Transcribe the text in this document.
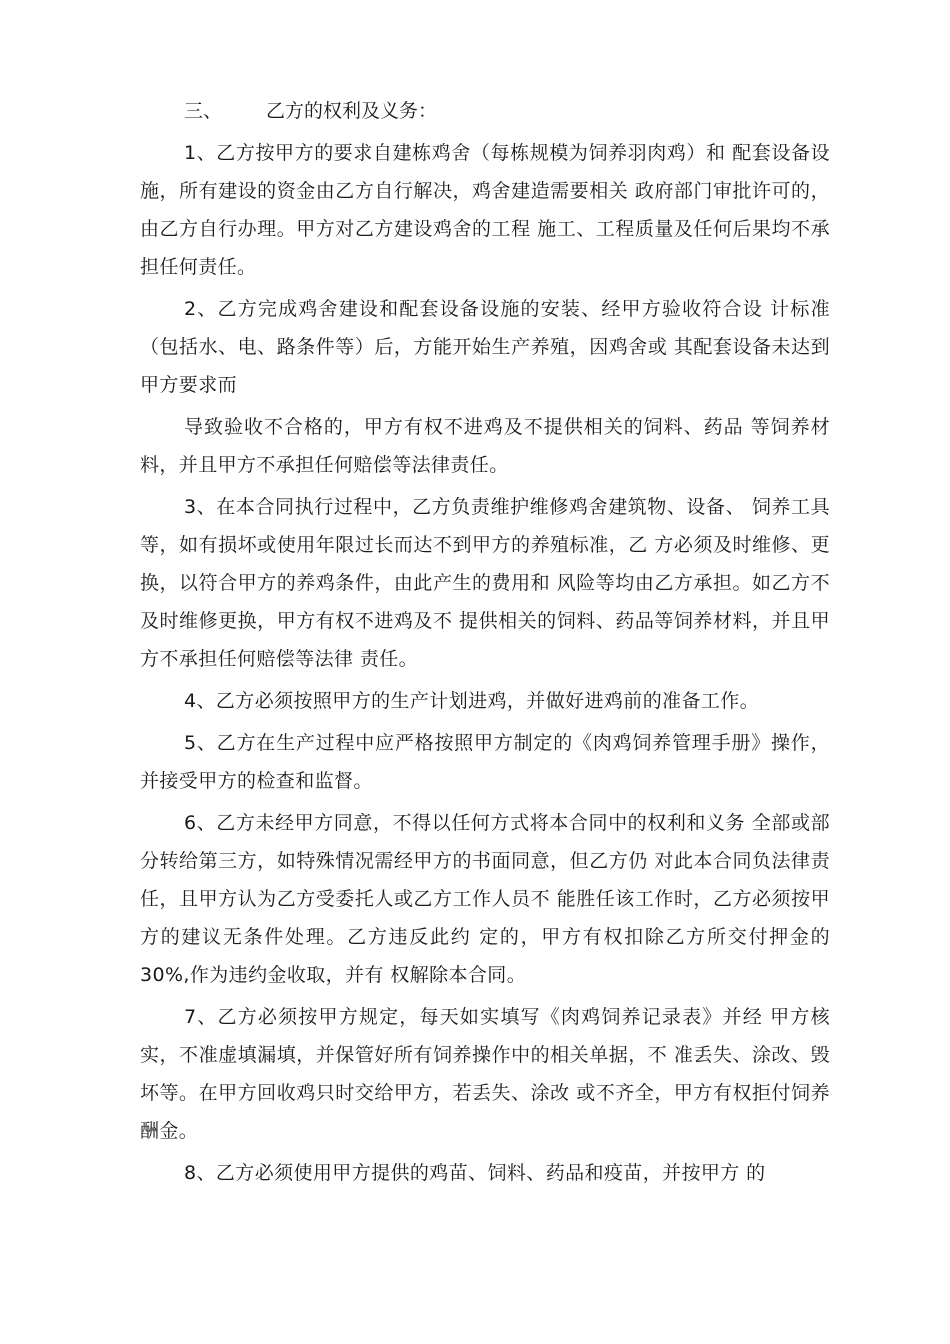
三、 乙方的权利及义务：

1、乙方按甲方的要求自建栋鸡舍（每栋规模为饲养羽肉鸡）和 配套设备设施，所有建设的资金由乙方自行解决，鸡舍建造需要相关 政府部门审批许可的，由乙方自行办理。甲方对乙方建设鸡舍的工程 施工、工程质量及任何后果均不承担任何责任。

2、乙方完成鸡舍建设和配套设备设施的安装、经甲方验收符合设 计标准（包括水、电、路条件等）后，方能开始生产养殖，因鸡舍或 其配套设备未达到甲方要求而

导致验收不合格的，甲方有权不进鸡及不提供相关的饲料、药品 等饲养材料，并且甲方不承担任何赔偿等法律责任。

3、在本合同执行过程中，乙方负责维护维修鸡舍建筑物、设备、 饲养工具等，如有损坏或使用年限过长而达不到甲方的养殖标准，乙 方必须及时维修、更换，以符合甲方的养鸡条件，由此产生的费用和 风险等均由乙方承担。如乙方不及时维修更换，甲方有权不进鸡及不 提供相关的饲料、药品等饲养材料，并且甲方不承担任何赔偿等法律 责任。

4、乙方必须按照甲方的生产计划进鸡，并做好进鸡前的准备工作。

5、乙方在生产过程中应严格按照甲方制定的《肉鸡饲养管理手册》操作，并接受甲方的检查和监督。

6、乙方未经甲方同意，不得以任何方式将本合同中的权利和义务 全部或部分转给第三方，如特殊情况需经甲方的书面同意，但乙方仍 对此本合同负法律责任，且甲方认为乙方受委托人或乙方工作人员不 能胜任该工作时，乙方必须按甲方的建议无条件处理。乙方违反此约 定的，甲方有权扣除乙方所交付押金的30%,作为违约金收取，并有 权解除本合同。

7、乙方必须按甲方规定，每天如实填写《肉鸡饲养记录表》并经 甲方核实，不准虚填漏填，并保管好所有饲养操作中的相关单据，不 准丢失、涂改、毁坏等。在甲方回收鸡只时交给甲方，若丢失、涂改 或不齐全，甲方有权拒付饲养酬金。

8、乙方必须使用甲方提供的鸡苗、饲料、药品和疫苗，并按甲方 的
